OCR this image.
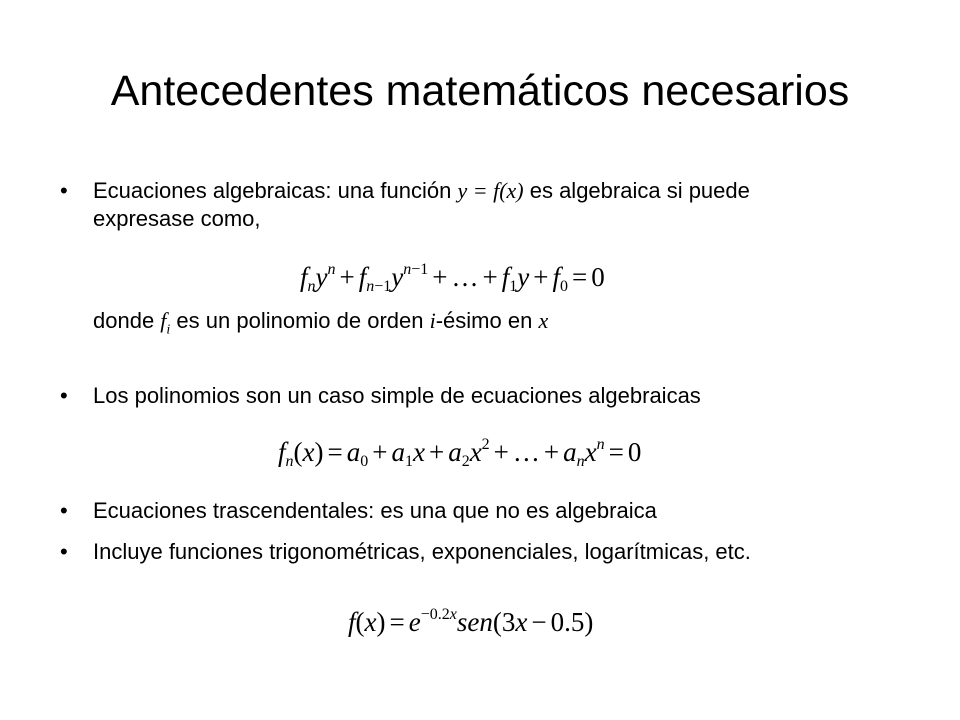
Antecedentes matemáticos necesarios
•	Ecuaciones algebraicas: una función y = f(x) es algebraica si puede
expresase como,
$f_ny^n + f_{n-1}y^{n-1}$ + … + $f_1y + f_0 = 0$
donde $f_i$ es un polinomio de orden i-ésimo en x
•	Los polinomios son un caso simple de ecuaciones algebraicas
$f_n(x) = a_0 + a_1x + a_2x^2$ + … + $a_nx^n = 0$
•	Ecuaciones trascendentales: es una que no es algebraica
•	Incluye funciones trigonométricas, exponenciales, logarítmicas, etc.
$f(x) = e^{-0.2x}sen(3x - 0.5)$
